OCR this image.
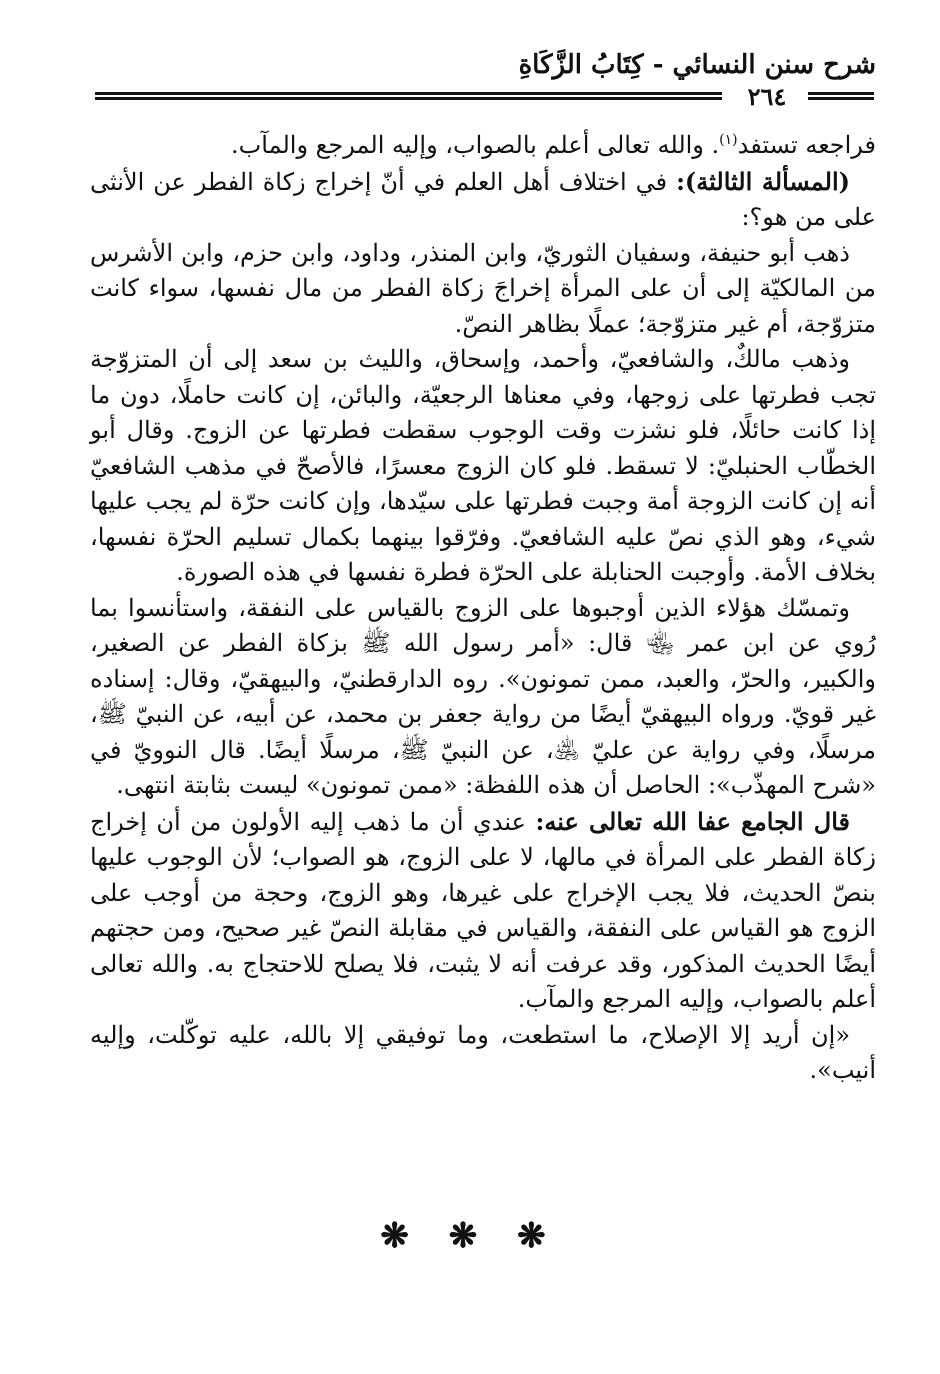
شرح سنن النسائي - كِتَابُ الزَّكَاةِ
٢٦٤

فراجعه تستفد$^{(١)}$. والله تعالى أعلم بالصواب، وإليه المرجع والمآب.

(المسألة الثالثة): في اختلاف أهل العلم في أنّ إخراج زكاة الفطر عن الأنثى على من هو؟:

ذهب أبو حنيفة، وسفيان الثوريّ، وابن المنذر، وداود، وابن حزم، وابن الأشرس من المالكيّة إلى أن على المرأة إخراجَ زكاة الفطر من مال نفسها، سواء كانت متزوّجة، أم غير متزوّجة؛ عملًا بظاهر النصّ.

وذهب مالكٌ، والشافعيّ، وأحمد، وإسحاق، والليث بن سعد إلى أن المتزوّجة تجب فطرتها على زوجها، وفي معناها الرجعيّة، والبائن، إن كانت حاملًا، دون ما إذا كانت حائلًا، فلو نشزت وقت الوجوب سقطت فطرتها عن الزوج. وقال أبو الخطّاب الحنبليّ: لا تسقط. فلو كان الزوج معسرًا، فالأصحّ في مذهب الشافعيّ أنه إن كانت الزوجة أمة وجبت فطرتها على سيّدها، وإن كانت حرّة لم يجب عليها شيء، وهو الذي نصّ عليه الشافعيّ. وفرّقوا بينهما بكمال تسليم الحرّة نفسها، بخلاف الأمة. وأوجبت الحنابلة على الحرّة فطرة نفسها في هذه الصورة.

وتمسّك هؤلاء الذين أوجبوها على الزوج بالقياس على النفقة، واستأنسوا بما رُوي عن ابن عمر ﵄ قال: «أمر رسول الله ﷺ بزكاة الفطر عن الصغير، والكبير، والحرّ، والعبد، ممن تمونون». روه الدارقطنيّ، والبيهقيّ، وقال: إسناده غير قويّ. ورواه البيهقيّ أيضًا من رواية جعفر بن محمد، عن أبيه، عن النبيّ ﷺ، مرسلًا، وفي رواية عن عليّ ﵁، عن النبيّ ﷺ، مرسلًا أيضًا. قال النوويّ في «شرح المهذّب»: الحاصل أن هذه اللفظة: «ممن تمونون» ليست بثابتة انتهى.

قال الجامع عفا الله تعالى عنه: عندي أن ما ذهب إليه الأولون من أن إخراج زكاة الفطر على المرأة في مالها، لا على الزوج، هو الصواب؛ لأن الوجوب عليها بنصّ الحديث، فلا يجب الإخراج على غيرها، وهو الزوج، وحجة من أوجب على الزوج هو القياس على النفقة، والقياس في مقابلة النصّ غير صحيح، ومن حجتهم أيضًا الحديث المذكور، وقد عرفت أنه لا يثبت، فلا يصلح للاحتجاج به. والله تعالى أعلم بالصواب، وإليه المرجع والمآب.

«إن أريد إلا الإصلاح، ما استطعت، وما توفيقي إلا بالله، عليه توكّلت، وإليه أنيب».

❋ ❋ ❋
